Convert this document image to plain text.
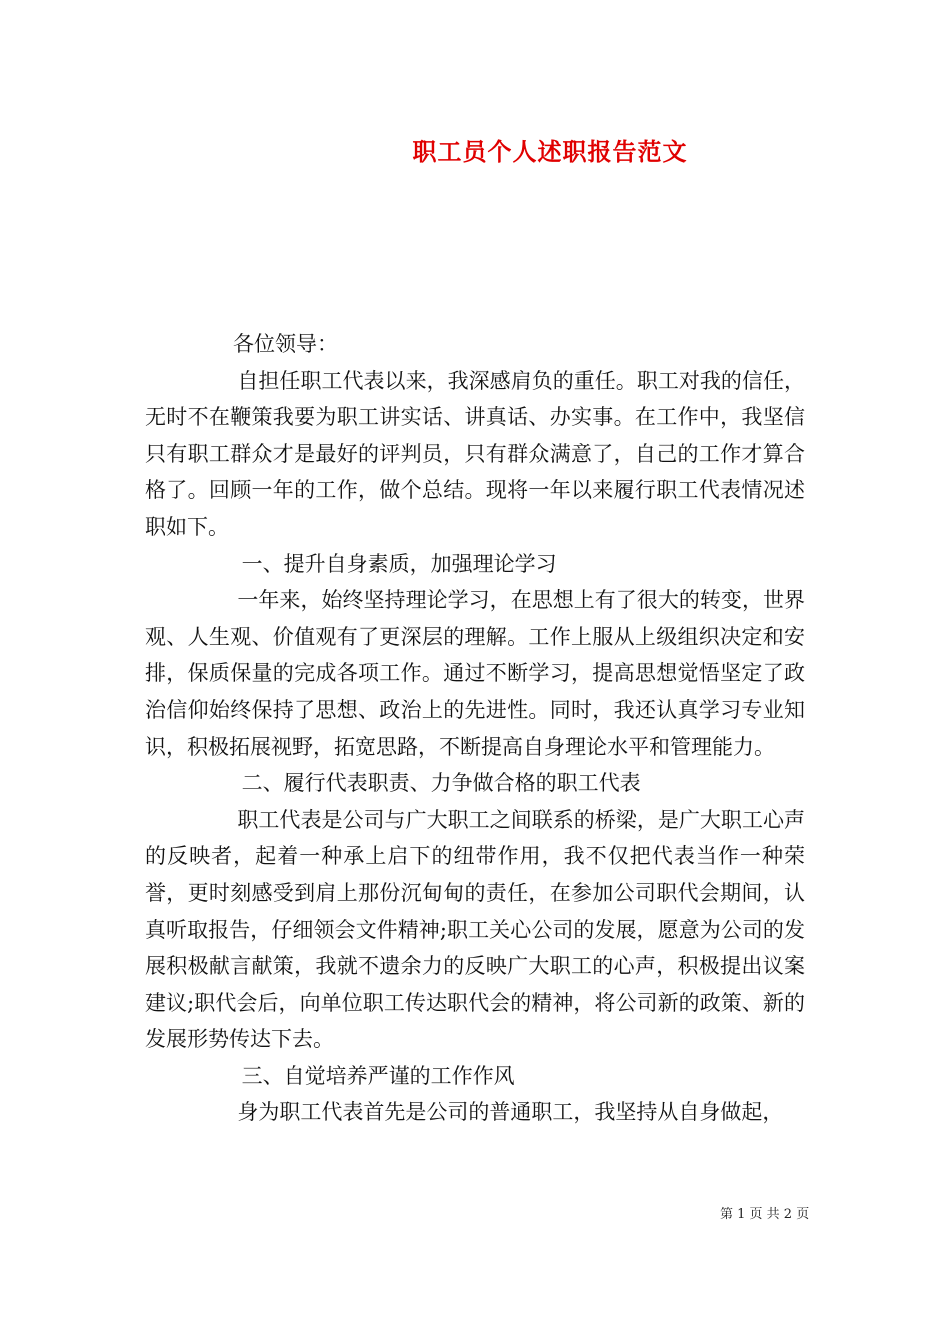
职工员个人述职报告范文

各位领导：

自担任职工代表以来，我深感肩负的重任。职工对我的信任，无时不在鞭策我要为职工讲实话、讲真话、办实事。在工作中，我坚信只有职工群众才是最好的评判员，只有群众满意了，自己的工作才算合格了。回顾一年的工作，做个总结。现将一年以来履行职工代表情况述职如下。

一、提升自身素质，加强理论学习

一年来，始终坚持理论学习，在思想上有了很大的转变，世界观、人生观、价值观有了更深层的理解。工作上服从上级组织决定和安排，保质保量的完成各项工作。通过不断学习，提高思想觉悟坚定了政治信仰始终保持了思想、政治上的先进性。同时，我还认真学习专业知识，积极拓展视野，拓宽思路，不断提高自身理论水平和管理能力。

二、履行代表职责、力争做合格的职工代表

职工代表是公司与广大职工之间联系的桥梁，是广大职工心声的反映者，起着一种承上启下的纽带作用，我不仅把代表当作一种荣誉，更时刻感受到肩上那份沉甸甸的责任，在参加公司职代会期间，认真听取报告，仔细领会文件精神;职工关心公司的发展，愿意为公司的发展积极献言献策，我就不遗余力的反映广大职工的心声，积极提出议案建议;职代会后，向单位职工传达职代会的精神，将公司新的政策、新的发展形势传达下去。

三、自觉培养严谨的工作作风

身为职工代表首先是公司的普通职工，我坚持从自身做起，

第 1 页 共 2 页
